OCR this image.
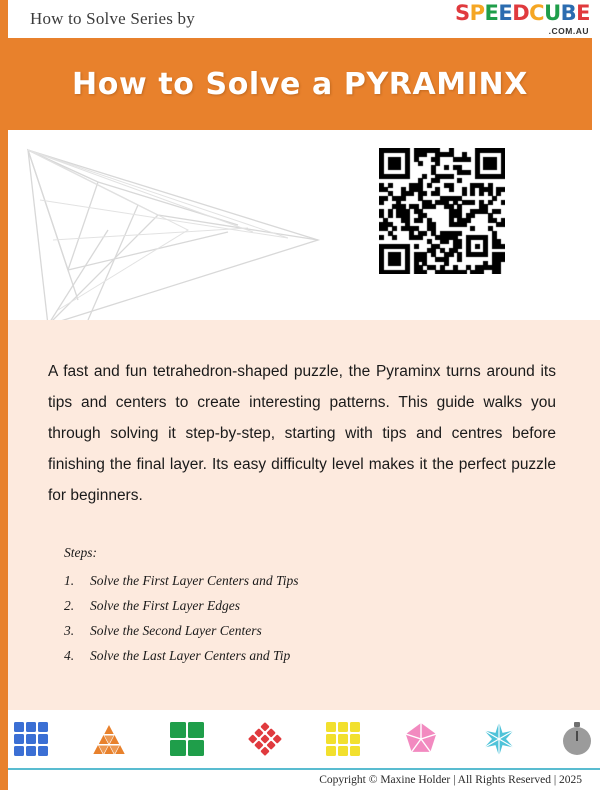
How to Solve Series by	S P E E D C U B E
.COM.AU
How to Solve a PYRAMINX

A fast and fun tetrahedron-shaped puzzle, the Pyraminx turns around its tips and centers to create interesting patterns. This guide walks you through solving it step-by-step, starting with tips and centres before finishing the final layer. Its easy difficulty level makes it the perfect puzzle for beginners.

Steps:
1.	Solve the First Layer Centers and Tips
2.	Solve the First Layer Edges
3.	Solve the Second Layer Centers
4.	Solve the Last Layer Centers and Tip
Copyright © Maxine Holder | All Rights Reserved | 2025
